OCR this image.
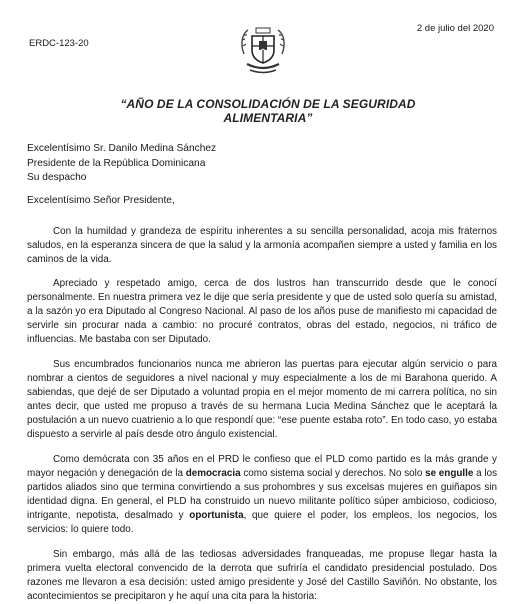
ERDC-123-20
2 de julio del 2020
“AÑO DE LA CONSOLIDACIÓN DE LA SEGURIDAD ALIMENTARIA”
Excelentísimo Sr. Danilo Medina Sánchez
Presidente de la República Dominicana
Su despacho
Excelentísimo Señor Presidente,

Con la humildad y grandeza de espíritu inherentes a su sencilla personalidad, acoja mis fraternos saludos, en la esperanza sincera de que la salud y la armonía acompañen siempre a usted y familia en los caminos de la vida.

Apreciado y respetado amigo, cerca de dos lustros han transcurrido desde que le conocí personalmente. En nuestra primera vez le dije que sería presidente y que de usted solo quería su amistad, a la sazón yo era Diputado al Congreso Nacional. Al paso de los años puse de manifiesto mi capacidad de servirle sin procurar nada a cambio: no procuré contratos, obras del estado, negocios, ni tráfico de influencias. Me bastaba con ser Diputado.

Sus encumbrados funcionarios nunca me abrieron las puertas para ejecutar algún servicio o para nombrar a cientos de seguidores a nivel nacional y muy especialmente a los de mi Barahona querido. A sabiendas, que dejé de ser Diputado a voluntad propia en el mejor momento de mi carrera política, no sin antes decir, que usted me propuso a través de su hermana Lucia Medina Sánchez que le aceptará la postulación a un nuevo cuatrienio a lo que respondí que: “ese puente estaba roto”. En todo caso, yo estaba dispuesto a servirle al país desde otro ángulo existencial.

Como demócrata con 35 años en el PRD le confieso que el PLD como partido es la más grande y mayor negación y denegación de la democracia como sistema social y derechos. No solo se engulle a los partidos aliados sino que termina convirtiendo a sus prohombres y sus excelsas mujeres en guiñapos sin identidad digna. En general, el PLD ha construido un nuevo militante político súper ambicioso, codicioso, intrigante, nepotista, desalmado y oportunista, que quiere el poder, los empleos, los negocios, los servicios: lo quiere todo.

Sin embargo, más allá de las tediosas adversidades franqueadas, me propuse llegar hasta la primera vuelta electoral convencido de la derrota que sufriría el candidato presidencial postulado. Dos razones me llevaron a esa decisión: usted amigo presidente y José del Castillo Saviñón. No obstante, los acontecimientos se precipitaron y he aquí una cita para la historia:
